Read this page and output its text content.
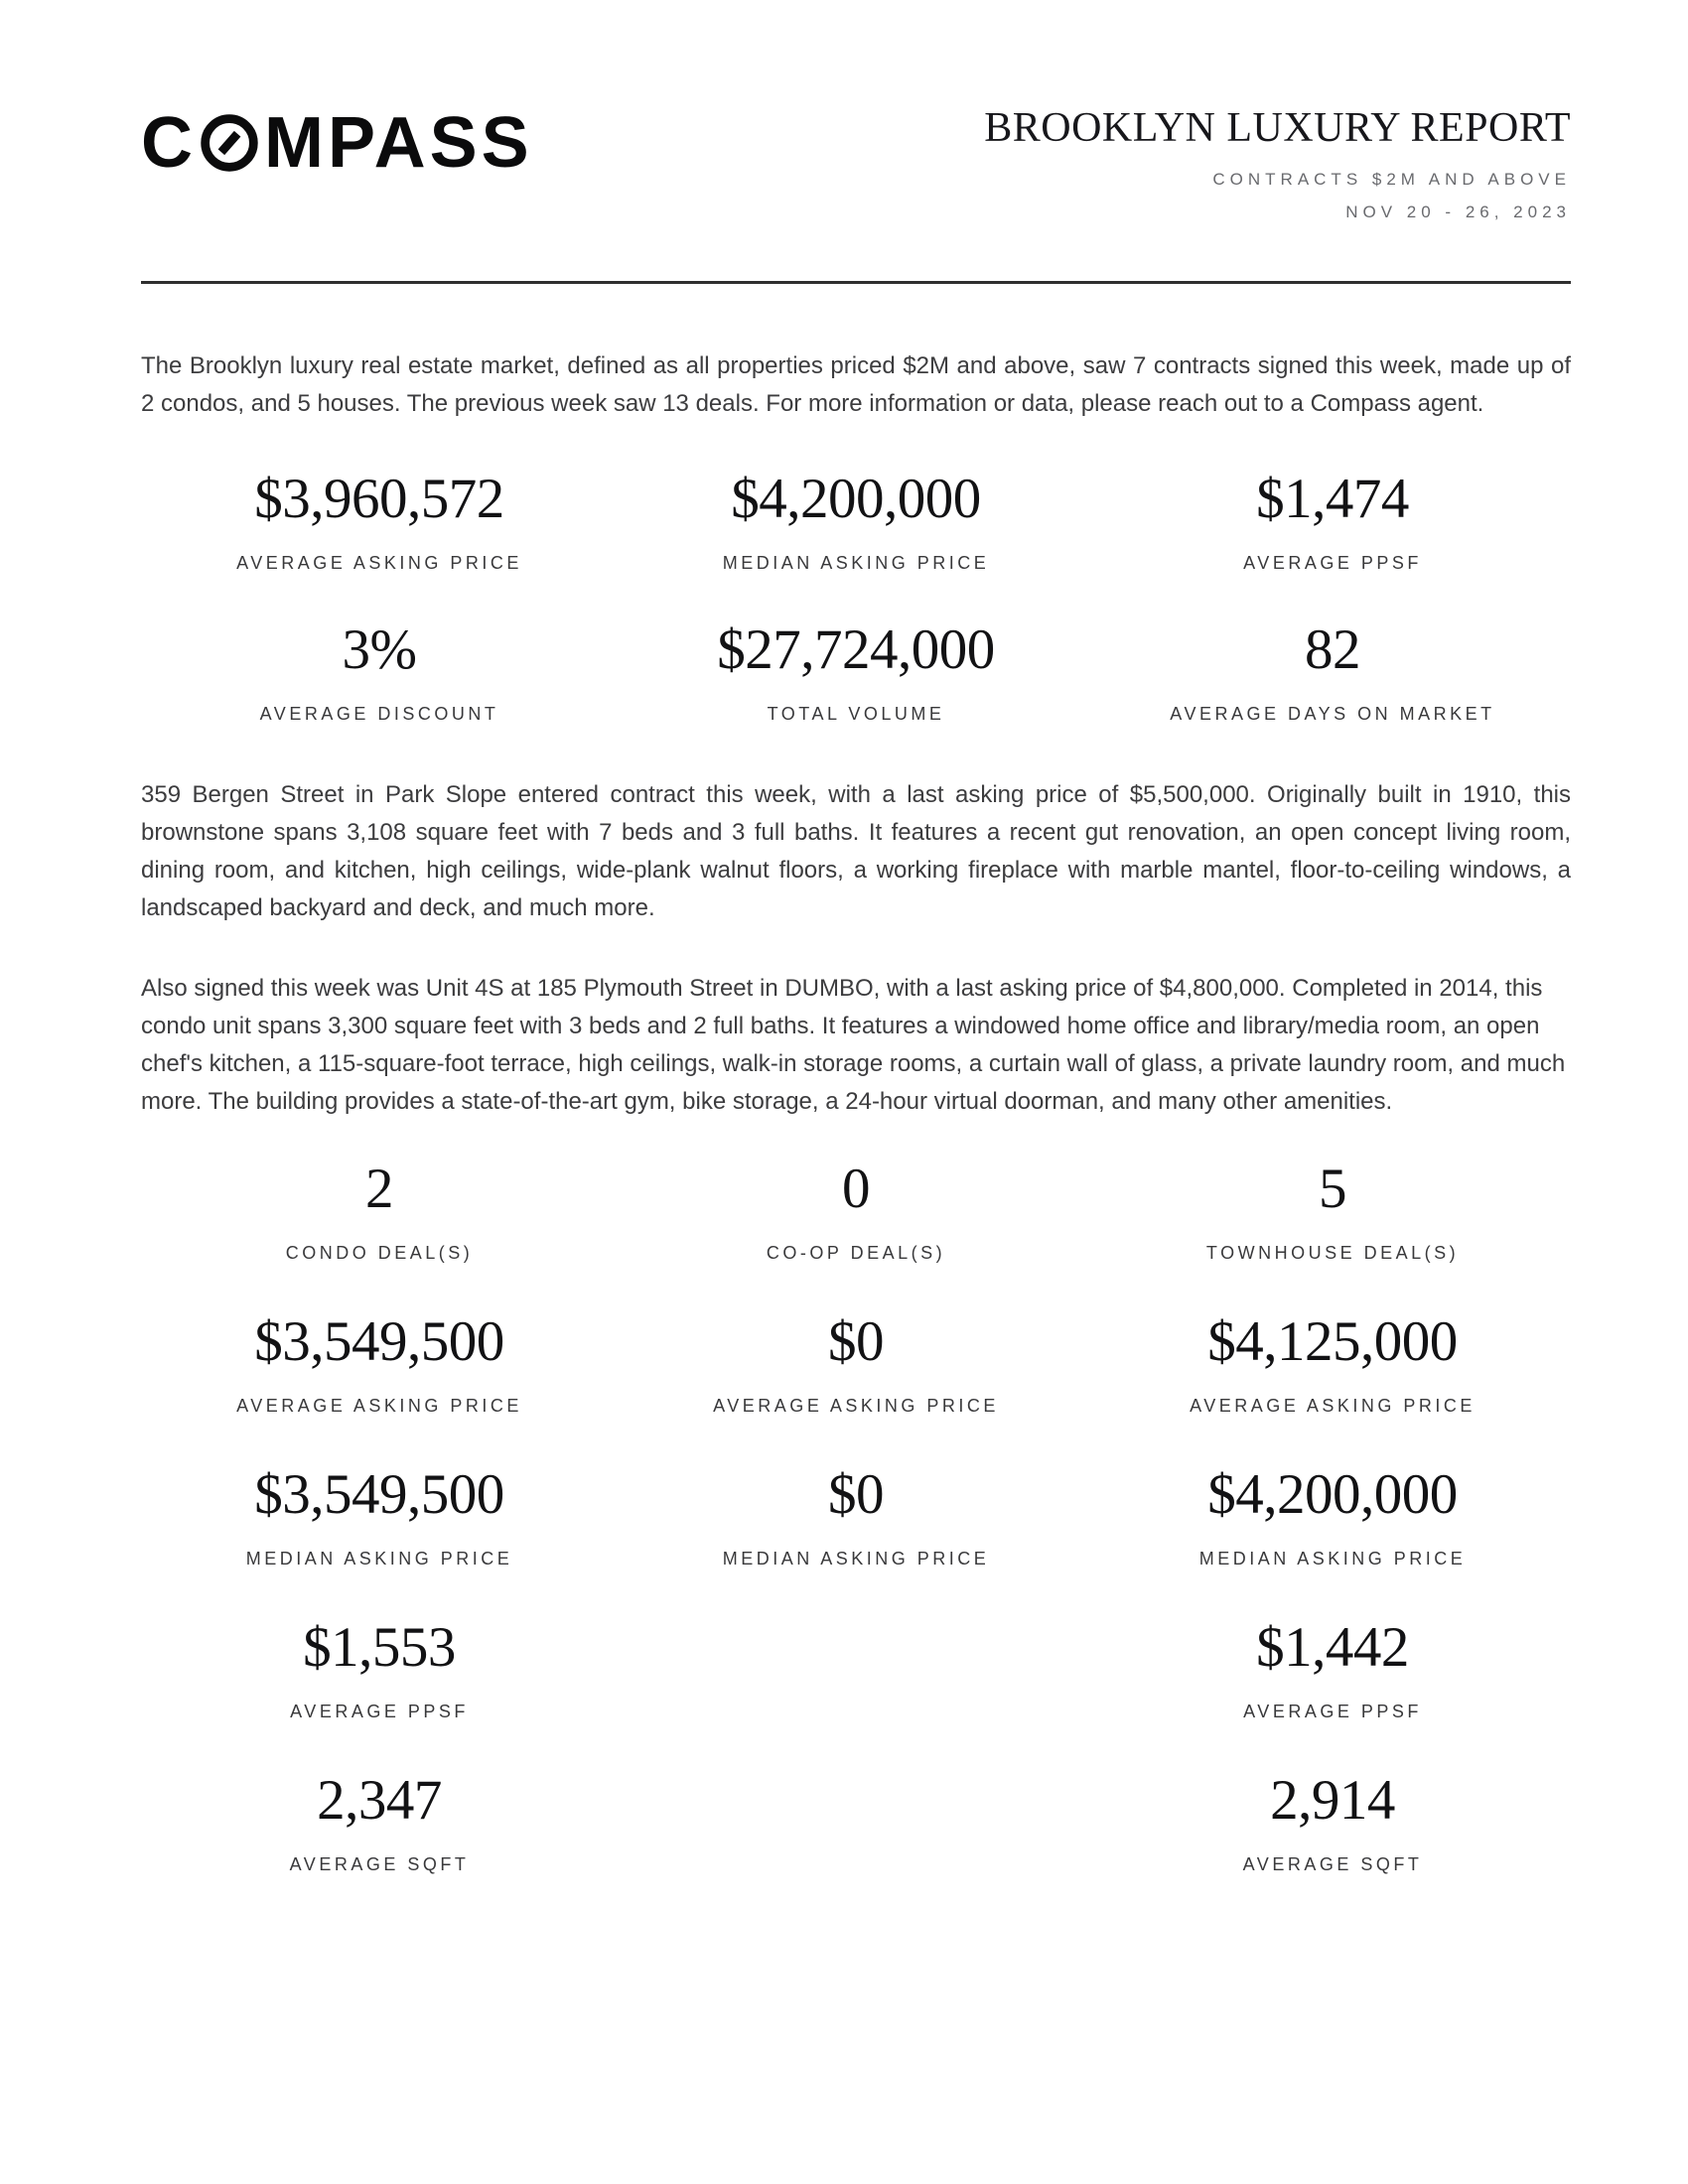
C MPASS	BROOKLYN LUXURY REPORT
CONTRACTS $2M AND ABOVE
NOV 20 - 26, 2023

The Brooklyn luxury real estate market, defined as all properties priced $2M and above, saw 7 contracts signed this week, made up of 2 condos, and 5 houses. The previous week saw 13 deals. For more information or data, please reach out to a Compass agent.

$3,960,572
AVERAGE ASKING PRICE
$4,200,000
MEDIAN ASKING PRICE
$1,474
AVERAGE PPSF
3%
AVERAGE DISCOUNT
$27,724,000
TOTAL VOLUME
82
AVERAGE DAYS ON MARKET

359 Bergen Street in Park Slope entered contract this week, with a last asking price of $5,500,000. Originally built in 1910, this brownstone spans 3,108 square feet with 7 beds and 3 full baths. It features a recent gut renovation, an open concept living room, dining room, and kitchen, high ceilings, wide-plank walnut floors, a working fireplace with marble mantel, floor-to-ceiling windows, a landscaped backyard and deck, and much more.

Also signed this week was Unit 4S at 185 Plymouth Street in DUMBO, with a last asking price of $4,800,000. Completed in 2014, this condo unit spans 3,300 square feet with 3 beds and 2 full baths. It features a windowed home office and library/media room, an open chef's kitchen, a 115-square-foot terrace, high ceilings, walk-in storage rooms, a curtain wall of glass, a private laundry room, and much more. The building provides a state-of-the-art gym, bike storage, a 24-hour virtual doorman, and many other amenities.

2
CONDO DEAL(S)
0
CO-OP DEAL(S)
5
TOWNHOUSE DEAL(S)
$3,549,500
AVERAGE ASKING PRICE
$0
AVERAGE ASKING PRICE
$4,125,000
AVERAGE ASKING PRICE
$3,549,500
MEDIAN ASKING PRICE
$0
MEDIAN ASKING PRICE
$4,200,000
MEDIAN ASKING PRICE
$1,553
AVERAGE PPSF
$1,442
AVERAGE PPSF
2,347
AVERAGE SQFT
2,914
AVERAGE SQFT
